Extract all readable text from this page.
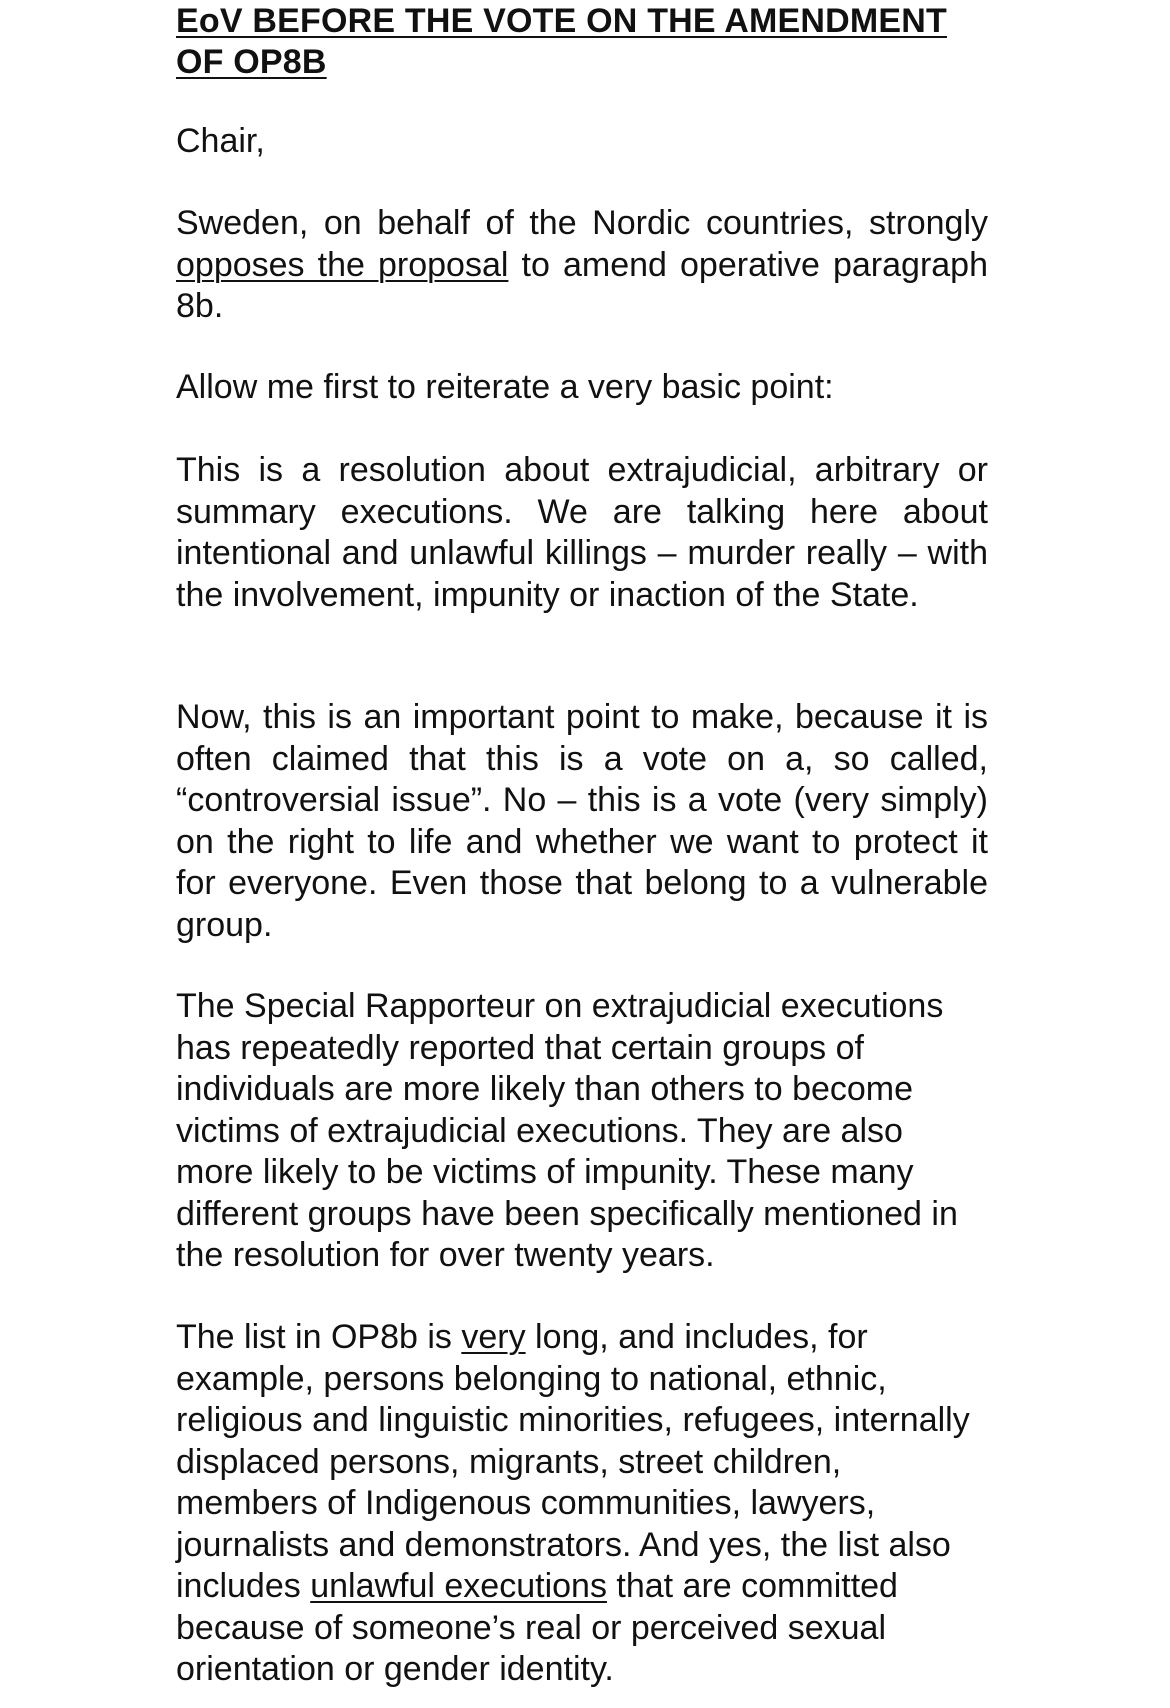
EoV BEFORE THE VOTE ON THE AMENDMENT
OF OP8B

Chair,

Sweden, on behalf of the Nordic countries, strongly opposes the proposal to amend operative paragraph 8b.

Allow me first to reiterate a very basic point:

This is a resolution about extrajudicial, arbitrary or summary executions. We are talking here about intentional and unlawful killings – murder really – with the involvement, impunity or inaction of the State.

Now, this is an important point to make, because it is often claimed that this is a vote on a, so called, “controversial issue”. No – this is a vote (very simply) on the right to life and whether we want to protect it for everyone. Even those that belong to a vulnerable group.

The Special Rapporteur on extrajudicial executions has repeatedly reported that certain groups of individuals are more likely than others to become victims of extrajudicial executions. They are also more likely to be victims of impunity. These many different groups have been specifically mentioned in the resolution for over twenty years.

The list in OP8b is very long, and includes, for example, persons belonging to national, ethnic, religious and linguistic minorities, refugees, internally displaced persons, migrants, street children, members of Indigenous communities, lawyers, journalists and demonstrators. And yes, the list also includes unlawful executions that are committed because of someone’s real or perceived sexual orientation or gender identity.
